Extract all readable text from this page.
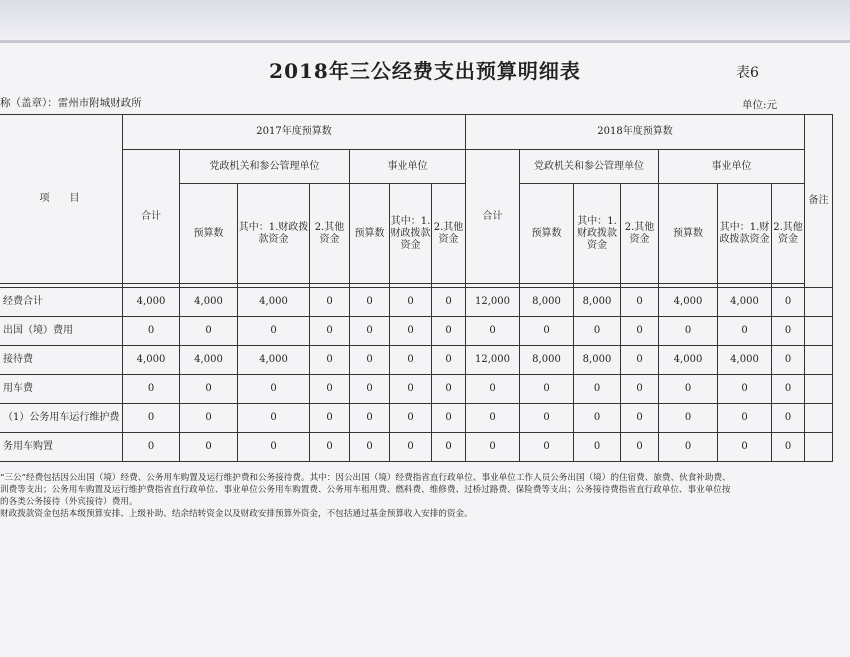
2018年三公经费支出预算明细表	表6
称（盖章）：雷州市附城财政所	单位:元
项　　目	2017年度预算数							2018年度预算数							备注
	合计	党政机关和参公管理单位			事业单位			合计	党政机关和参公管理单位			事业单位			
		预算数	其中：1.财政拨款资金	2.其他资金	预算数	其中：1.财政拨款资金	2.其他资金		预算数	其中：1.财政拨款资金	2.其他资金	预算数	其中：1.财政拨款资金	2.其他资金	

经费合计	4,000	4,000	4,000	0	0	0	0	12,000	8,000	8,000	0	4,000	4,000	0	
出国（境）费用	0	0	0	0	0	0	0	0	0	0	0	0	0	0	
接待费	4,000	4,000	4,000	0	0	0	0	12,000	8,000	8,000	0	4,000	4,000	0	
用车费	0	0	0	0	0	0	0	0	0	0	0	0	0	0	
（1）公务用车运行维护费	0	0	0	0	0	0	0	0	0	0	0	0	0	0	
务用车购置	0	0	0	0	0	0	0	0	0	0	0	0	0	0	
“三公”经费包括因公出国（境）经费、公务用车购置及运行维护费和公务接待费。其中：因公出国（境）经费指省直行政单位、事业单位工作人员公务出国（境）的住宿费、旅费、伙食补助费、
训费等支出；公务用车购置及运行维护费指省直行政单位、事业单位公务用车购置费、公务用车租用费、燃料费、维修费、过桥过路费、保险费等支出；公务接待费指省直行政单位、事业单位按
的各类公务接待（外宾接待）费用。
财政拨款资金包括本级预算安排、上级补助、结余结转资金以及财政安排预算外资金，不包括通过基金预算收入安排的资金。
